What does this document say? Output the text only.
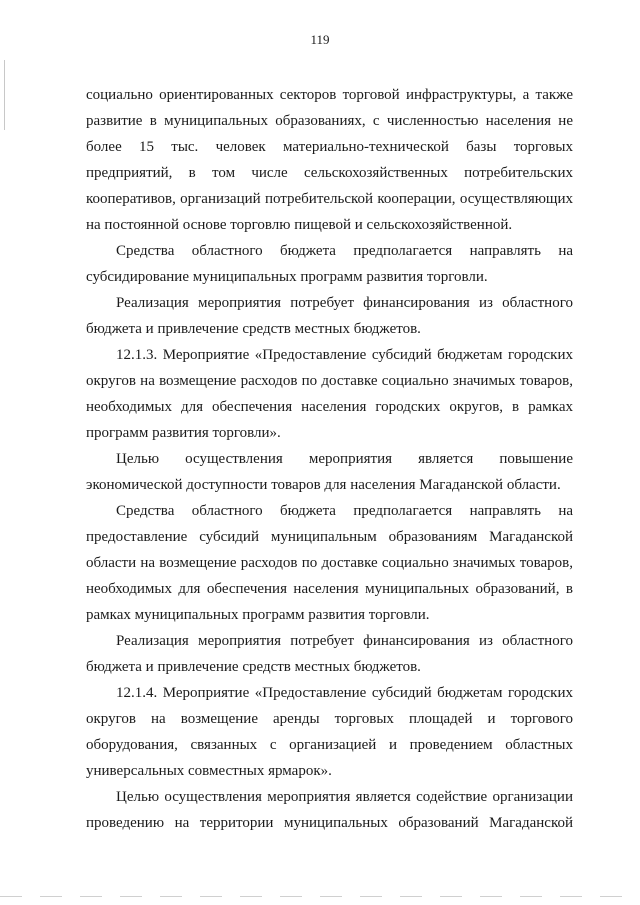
119
социально ориентированных секторов торговой инфраструктуры, а также
развитие в муниципальных образованиях, с численностью населения не
более 15 тыс. человек материально-технической базы торговых
предприятий, в том числе сельскохозяйственных потребительских
кооперативов, организаций потребительской кооперации, осуществляющих
на постоянной основе торговлю пищевой и сельскохозяйственной.
Средства областного бюджета предполагается направлять на
субсидирование муниципальных программ развития торговли.
Реализация мероприятия потребует финансирования из областного
бюджета и привлечение средств местных бюджетов.
12.1.3. Мероприятие «Предоставление субсидий бюджетам городских
округов на возмещение расходов по доставке социально значимых товаров,
необходимых для обеспечения населения городских округов, в рамках
программ развития торговли».
Целью осуществления мероприятия является повышение
экономической доступности товаров для населения Магаданской области.
Средства областного бюджета предполагается направлять на
предоставление субсидий муниципальным образованиям Магаданской
области на возмещение расходов по доставке социально значимых товаров,
необходимых для обеспечения населения муниципальных образований, в
рамках муниципальных программ развития торговли.
Реализация мероприятия потребует финансирования из областного
бюджета и привлечение средств местных бюджетов.
12.1.4. Мероприятие «Предоставление субсидий бюджетам городских
округов на возмещение аренды торговых площадей и торгового
оборудования, связанных с организацией и проведением областных
универсальных совместных ярмарок».
Целью осуществления мероприятия является содействие организации
проведению на территории муниципальных образований Магаданской
